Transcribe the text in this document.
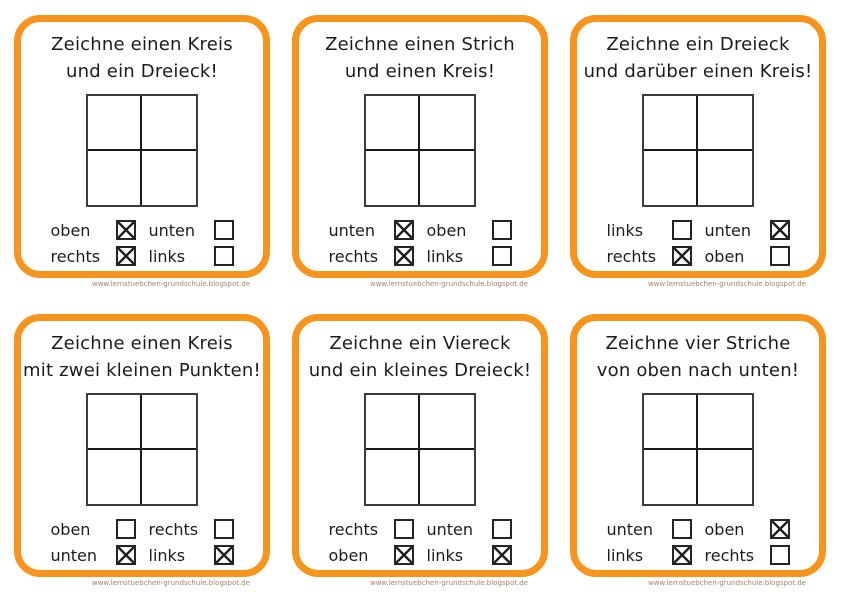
Zeichne einen Kreis
und ein Dreieck!
oben	unten
rechts	links
www.lernstuebchen-grundschule.blogspot.de
Zeichne einen Strich
und einen Kreis!
unten	oben
rechts	links
www.lernstuebchen-grundschule.blogspot.de
Zeichne ein Dreieck
und darüber einen Kreis!
links	unten
rechts	oben
www.lernstuebchen-grundschule.blogspot.de
Zeichne einen Kreis
mit zwei kleinen Punkten!
oben	rechts
unten	links
www.lernstuebchen-grundschule.blogspot.de
Zeichne ein Viereck
und ein kleines Dreieck!
rechts	unten
oben	links
www.lernstuebchen-grundschule.blogspot.de
Zeichne vier Striche
von oben nach unten!
unten	oben
links	rechts
www.lernstuebchen-grundschule.blogspot.de
